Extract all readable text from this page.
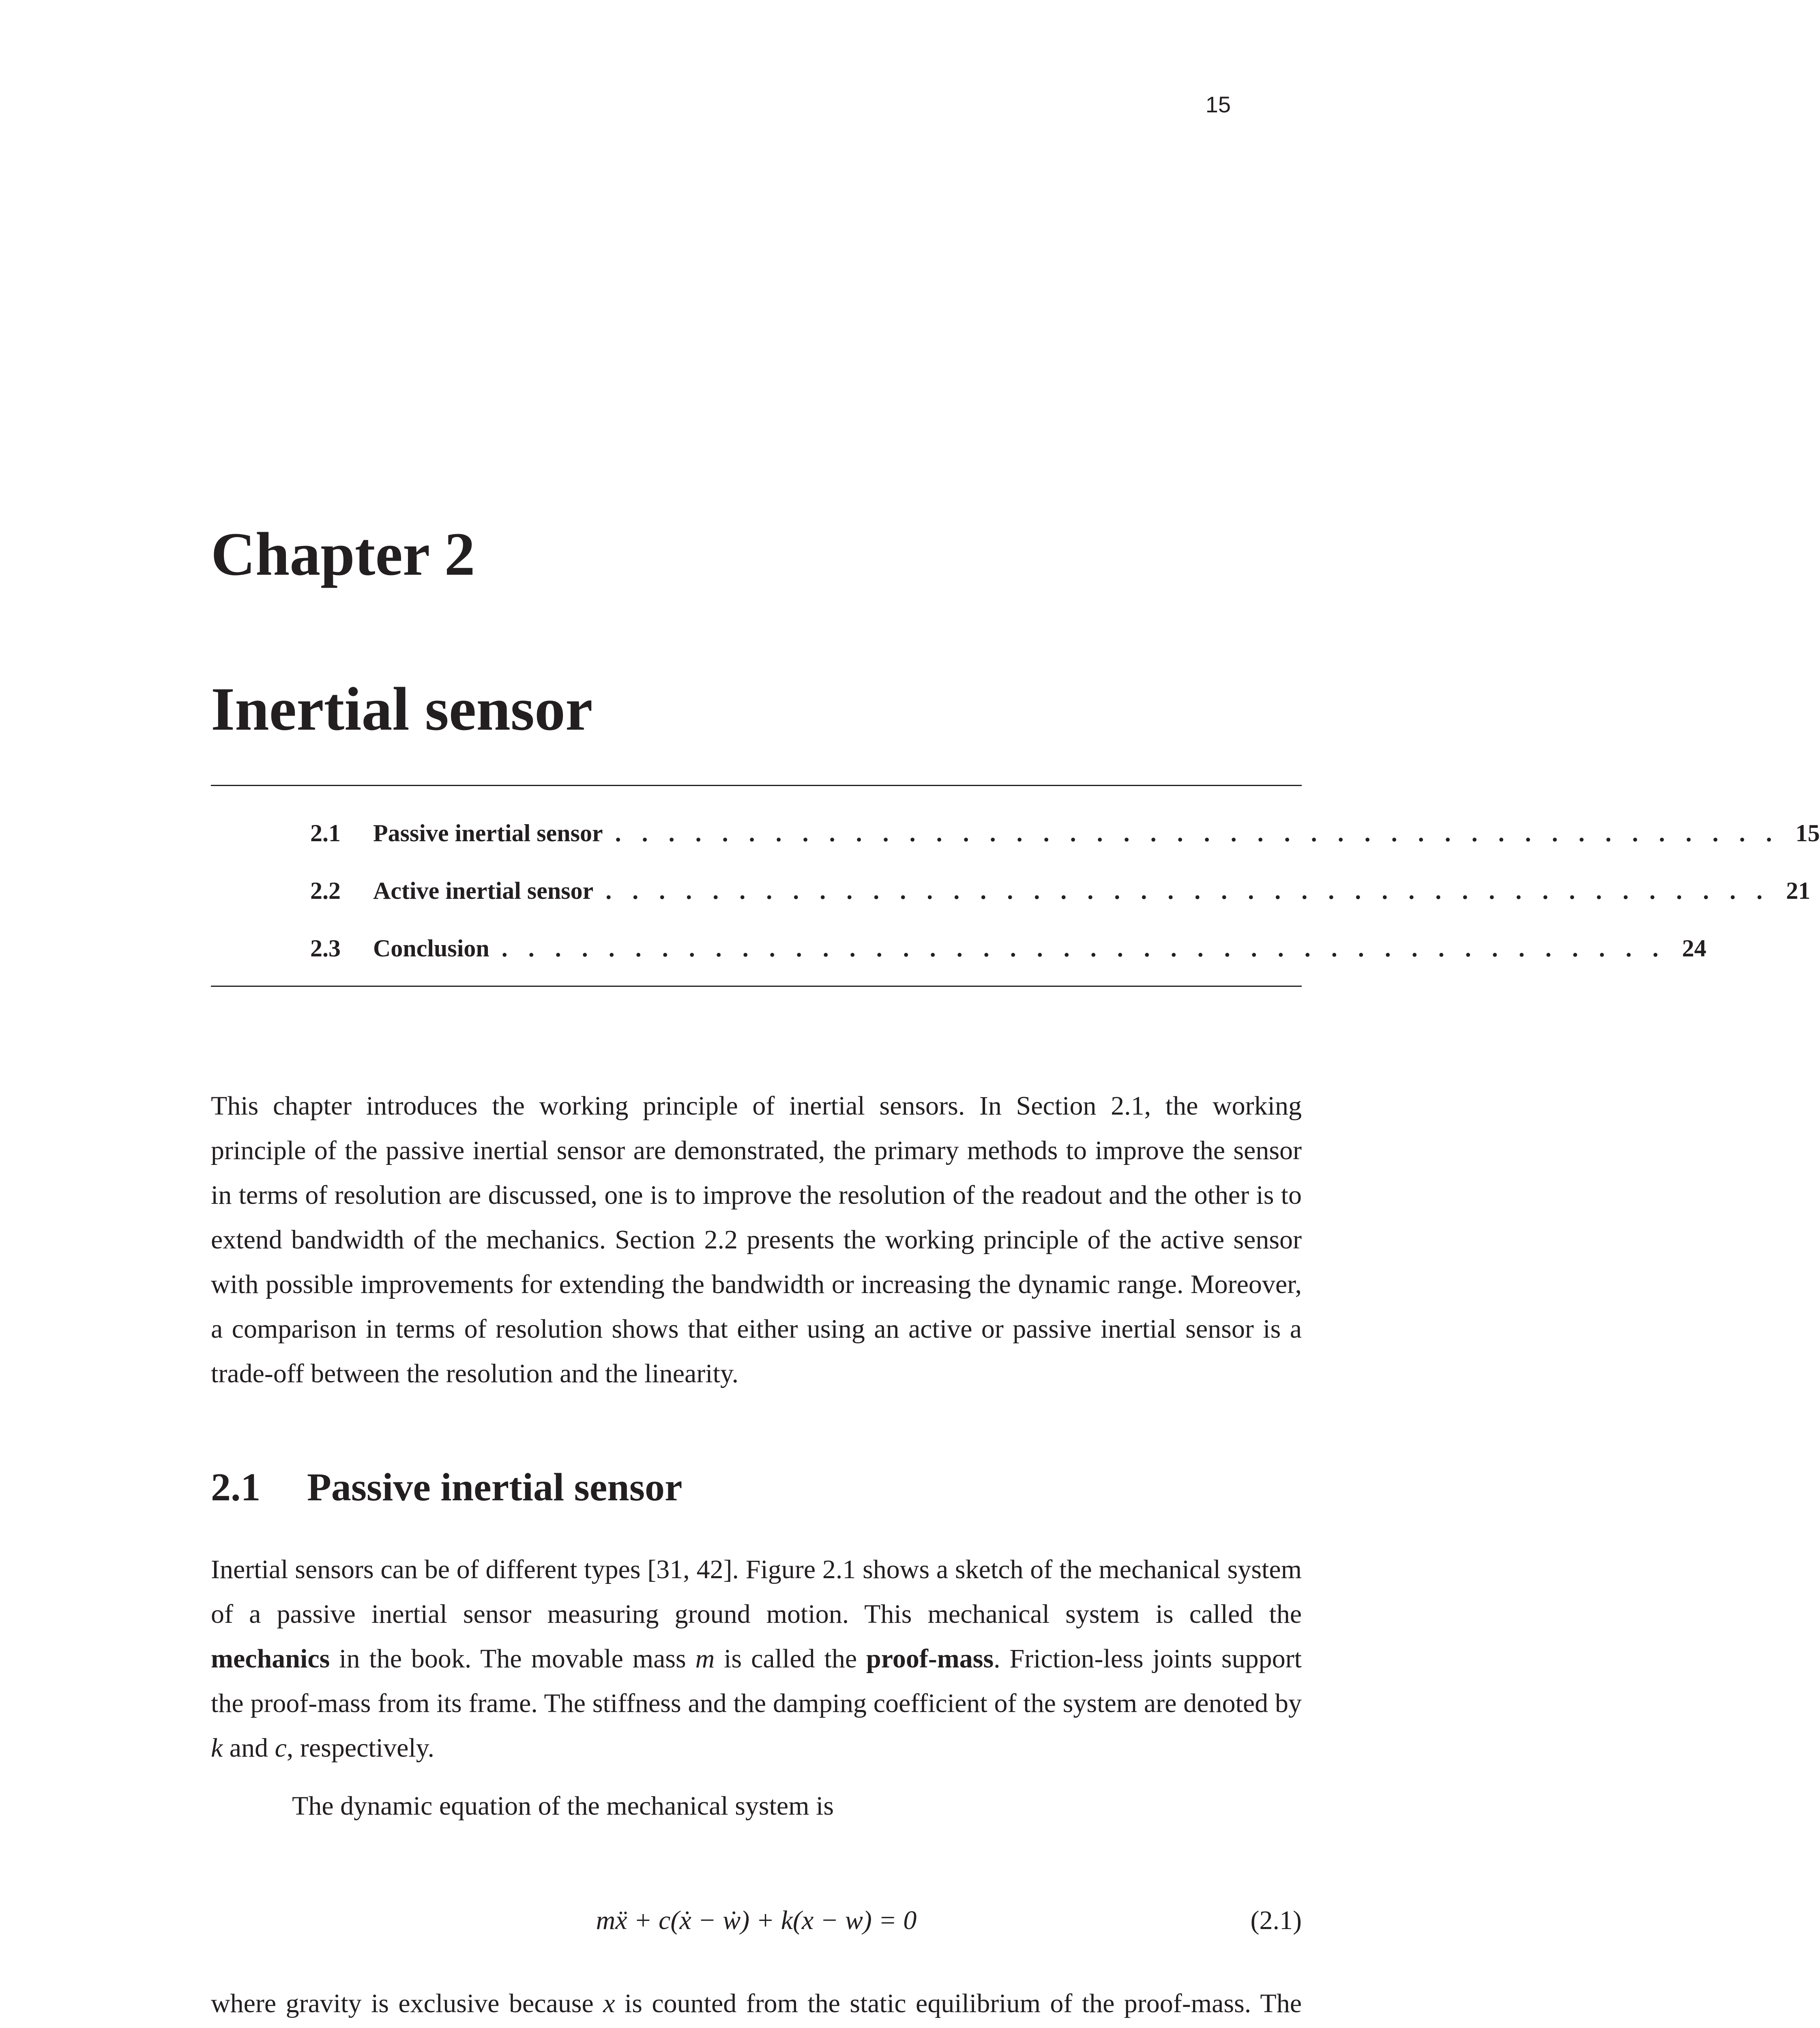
15
Chapter 2
Inertial sensor
2.1	Passive inertial sensor . . . . . . . . . . . . . . . . . . . . . . . . . . . . . . . . . . . . . . . . . . . . 15
2.2	Active inertial sensor . . . . . . . . . . . . . . . . . . . . . . . . . . . . . . . . . . . . . . . . . . . . 21
2.3	Conclusion . . . . . . . . . . . . . . . . . . . . . . . . . . . . . . . . . . . . . . . . . . . . 24

This chapter introduces the working principle of inertial sensors. In Section 2.1, the working principle of the passive inertial sensor are demonstrated, the primary methods to improve the sensor in terms of resolution are discussed, one is to improve the resolution of the readout and the other is to extend bandwidth of the mechanics. Section 2.2 presents the working principle of the active sensor with possible improvements for extending the bandwidth or increasing the dynamic range. Moreover, a comparison in terms of resolution shows that either using an active or passive inertial sensor is a trade-off between the resolution and the linearity.

2.1 Passive inertial sensor

Inertial sensors can be of different types [31, 42]. Figure 2.1 shows a sketch of the mechanical system of a passive inertial sensor measuring ground motion. This mechanical system is called the mechanics in the book. The movable mass m is called the proof-mass. Friction-less joints support the proof-mass from its frame. The stiffness and the damping coefficient of the system are denoted by k and c, respectively.

The dynamic equation of the mechanical system is

mẍ + c(ẋ − ẇ) + k(x − w) = 0	(2.1)

where gravity is exclusive because x is counted from the static equilibrium of the proof-mass. The
